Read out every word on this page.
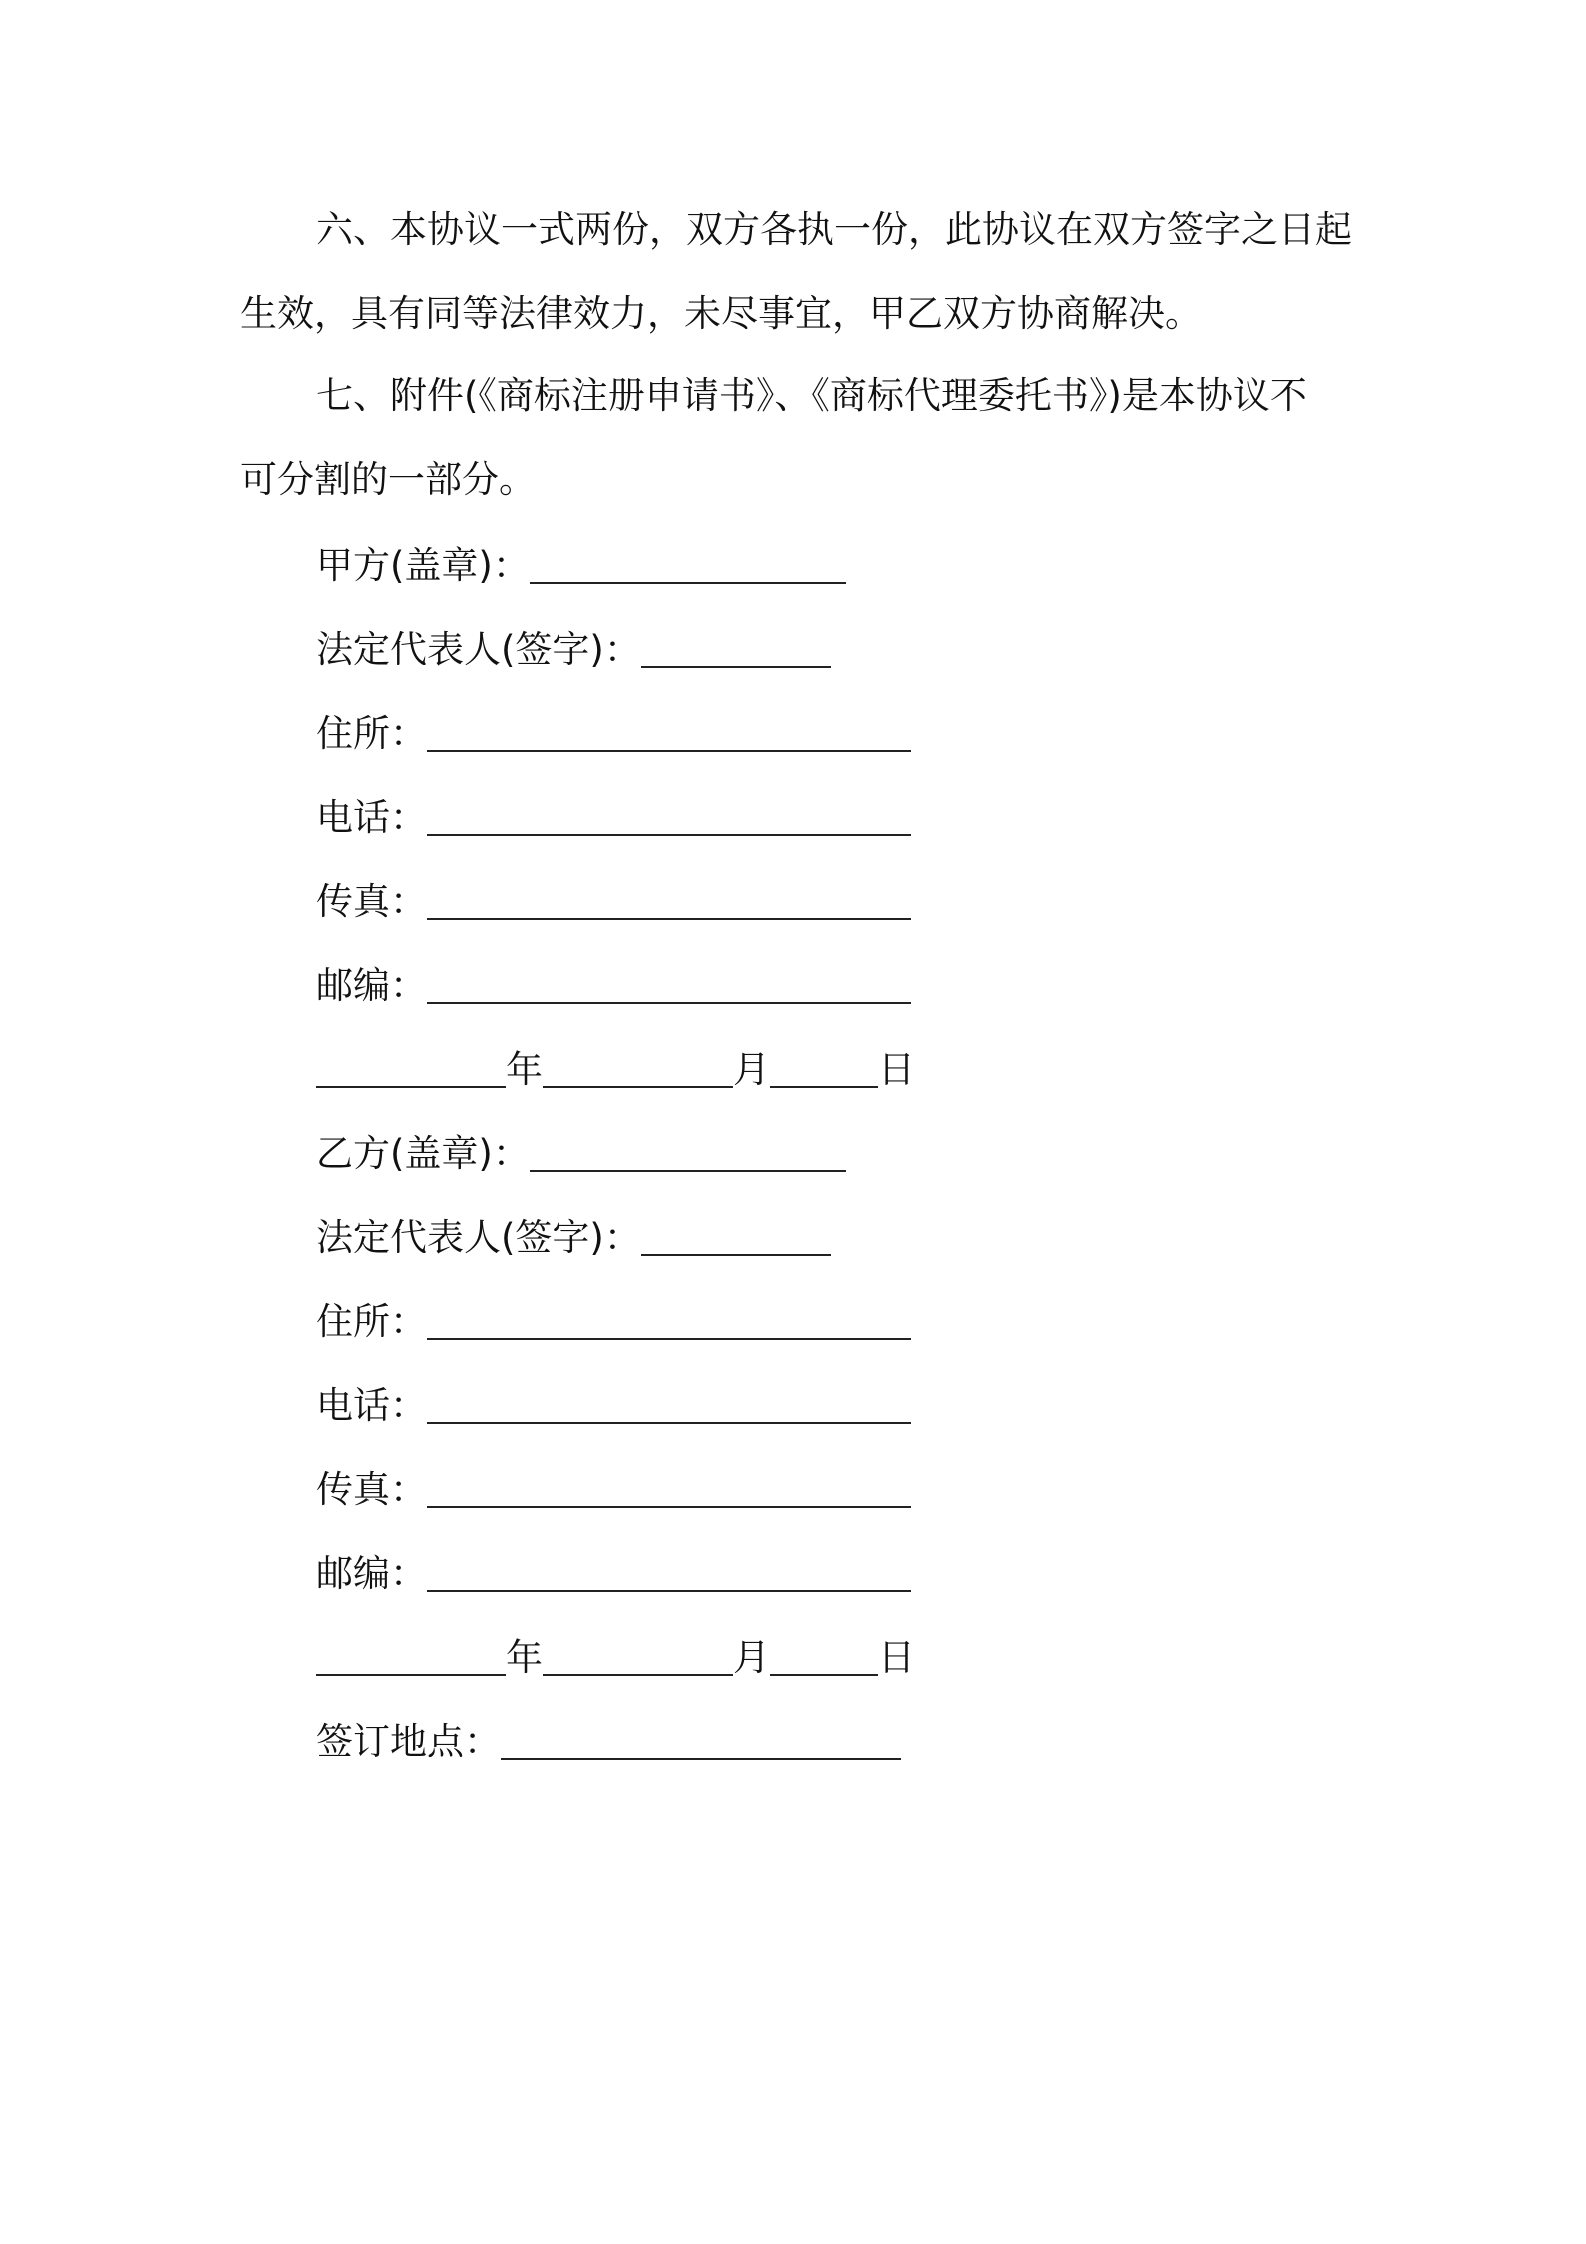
六、本协议一式两份，双方各执一份，此协议在双方签字之日起
生效，具有同等法律效力，未尽事宜，甲乙双方协商解决。

七、附件(《商标注册申请书》、《商标代理委托书》)是本协议不
可分割的一部分。

甲方(盖章)：
法定代表人(签字)：
住所：
电话：
传真：
邮编：
年	月	日
乙方(盖章)：
法定代表人(签字)：
住所：
电话：
传真：
邮编：
年	月	日
签订地点：
